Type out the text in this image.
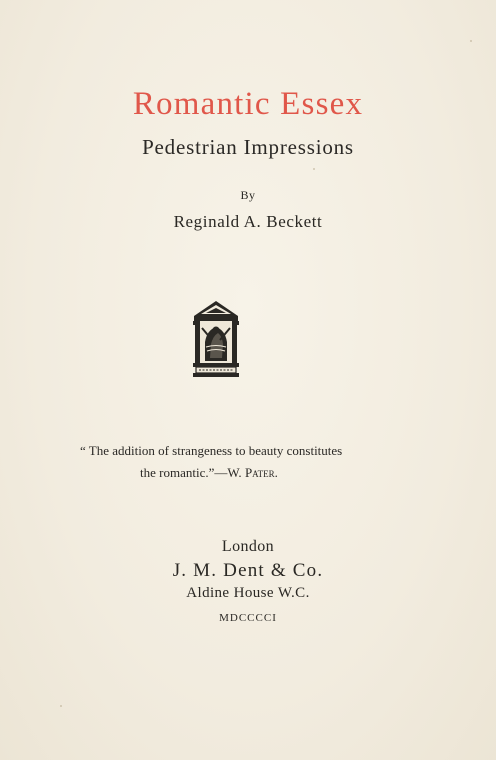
Romantic Essex
Pedestrian Impressions
By
Reginald A. Beckett
“ The addition of strangeness to beauty constitutes
the romantic.”—W. Pater.
London
J. M. Dent & Co.
Aldine House W.C.
MDCCCCI
